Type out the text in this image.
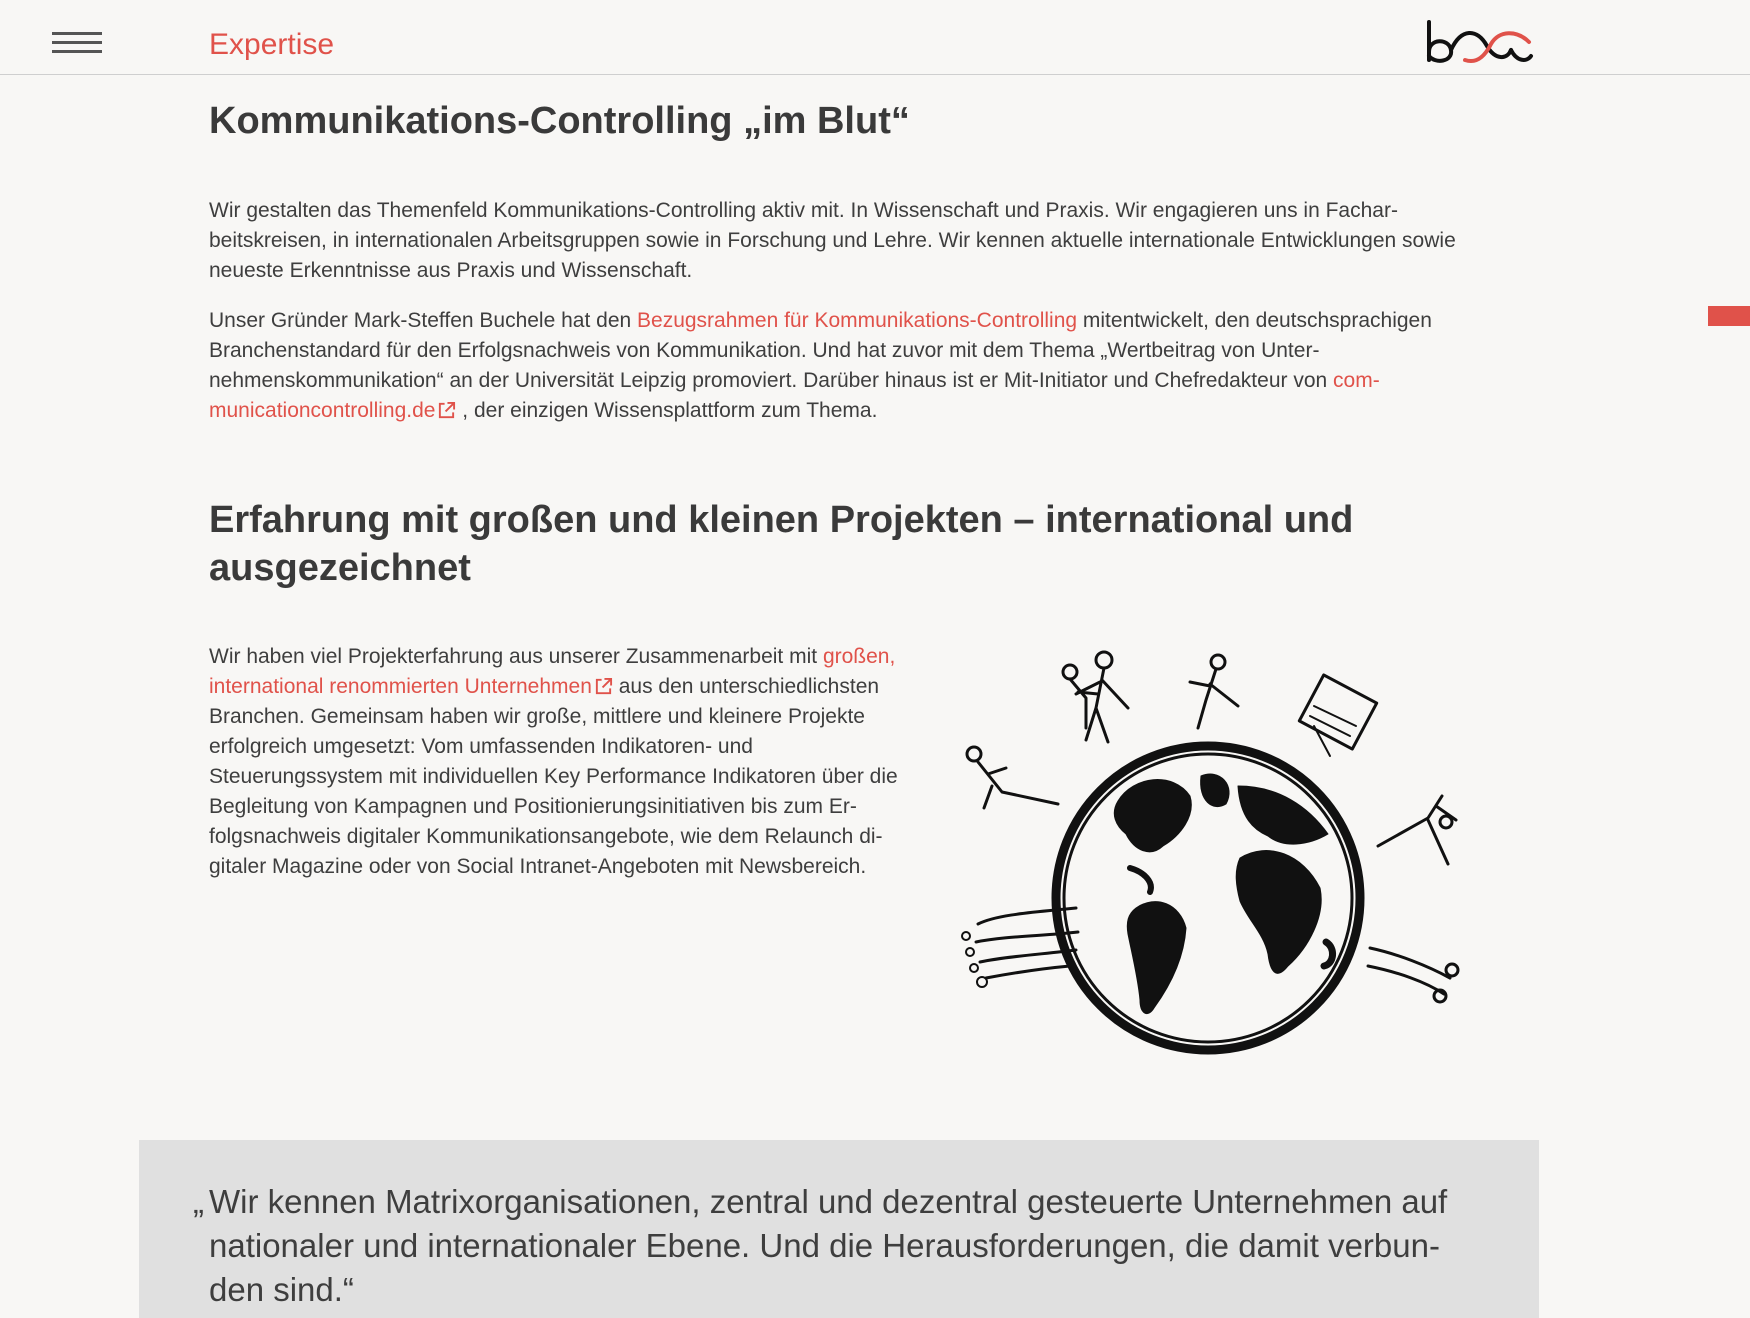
Expertise
Kommunikations-Controlling „im Blut“

Wir gestalten das Themenfeld Kommunikations-Controlling aktiv mit. In Wissenschaft und Praxis. Wir engagieren uns in Facharbeitskreisen, in internationalen Arbeitsgruppen sowie in Forschung und Lehre. Wir kennen aktuelle internationale Entwicklungen sowie neueste Erkenntnisse aus Praxis und Wissenschaft.

Unser Gründer Mark-Steffen Buchele hat den Bezugsrahmen für Kommunikations-Controlling mitentwickelt, den deutschsprachigen Branchenstandard für den Erfolgsnachweis von Kommunikation. Und hat zuvor mit dem Thema „Wertbeitrag von Unternehmenskommunikation“ an der Universität Leipzig promoviert. Darüber hinaus ist er Mit-Initiator und Chefredakteur von communicationcontrolling.de , der einzigen Wissensplattform zum Thema.

Erfahrung mit großen und kleinen Projekten – international und ausgezeichnet

Wir haben viel Projekterfahrung aus unserer Zusammenarbeit mit großen, international renommierten Unternehmen aus den unterschiedlichsten Branchen. Gemeinsam haben wir große, mittlere und kleinere Projekte erfolgreich umgesetzt: Vom umfassenden Indikatoren- und Steuerungssystem mit individuellen Key Performance Indikatoren über die Begleitung von Kampagnen und Positionierungsinitiativen bis zum Erfolgsnachweis digitaler Kommunikationsangebote, wie dem Relaunch digitaler Magazine oder von Social Intranet-Angeboten mit Newsbereich.

„ Wir kennen Matrixorganisationen, zentral und dezentral gesteuerte Unternehmen auf nationaler und internationaler Ebene. Und die Herausforderungen, die damit verbunden sind.“
